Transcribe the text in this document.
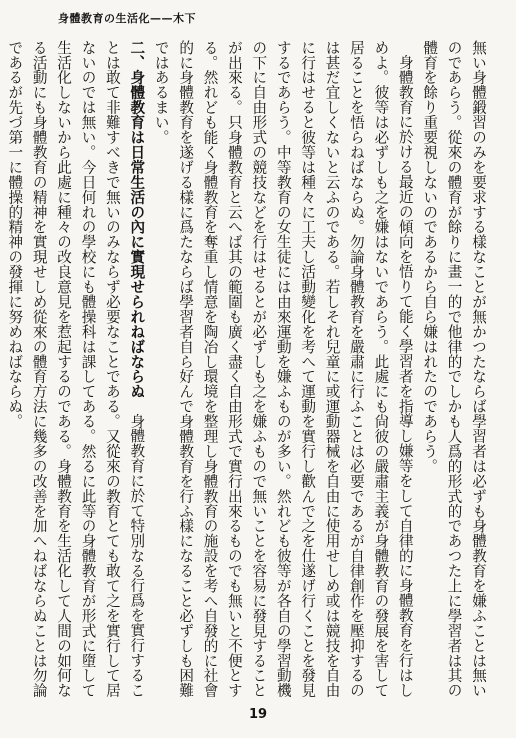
身體教育の生活化——木下

無い身體鍛習のみを要求する樣なことが無かつたならば學習者は必ずも身體教育を嫌ふことは無いのであらう。從來の體育が餘りに畫一的で他律的でしかも人爲的形式的であつた上に學習者は其の體育を餘り重要視しないのであるから自ら嫌はれたのであらう。

身體教育に於ける最近の傾向を悟りて能く學習者を指導し嫌等をして自律的に身體教育を行はしめよ。彼等は必ずしも之を嫌はないであらう。此處にも尙彼の嚴肅主義が身體教育の發展を害して居ることを悟らねばならぬ。勿論身體教育を嚴肅に行ふことは必要であるが自律創作を壓抑するのは甚だ宜しくないと云ふのである。若しそれ兒童に或運動器械を自由に使用せしめ或は競技を自由に行はせると彼等は種々に工夫し活動變化を考へて運動を實行し歡んで之を仕遂げ行くことを發見するであらう。中等教育の女生徒には由來運動を嫌ふものが多い。然れども彼等が各自の學習動機の下に自由形式の競技などを行はせるとが必ずしも之を嫌ふもので無いことを容易に發見することが出來る。只身體教育と云へば其の範圍も廣く盡く自由形式で實行出來るものでも無いと不便とする。然れども能く身體教育を奪重し情意を陶冶し環境を整理し身體教育の施設を考へ自發的に社會的に身體教育を遂げる樣に爲たならば學習者自ら好んで身體教育を行ふ樣になること必ずしも困難ではあるまい。

二、身體教育は日常生活の內に實現せられねばならぬ身體教育に於て特別なる行爲を實行することは敢て非難すべきで無いのみならず必要なことである。又從來の教育とても敢て之を實行して居ないのでは無い。今日何れの學校にも體操科は課してある。然るに此等の身體教育が形式に墮して生活化しないから此處に種々の改良意見を惹起するのである。身體教育を生活化して人間の如何なる活動にも身體教育の精神を實現せしめ從來の體育方法に幾多の改善を加へねばならぬことは勿論であるが先づ第一に體操的精神の發揮に努めねばならぬ。

19
